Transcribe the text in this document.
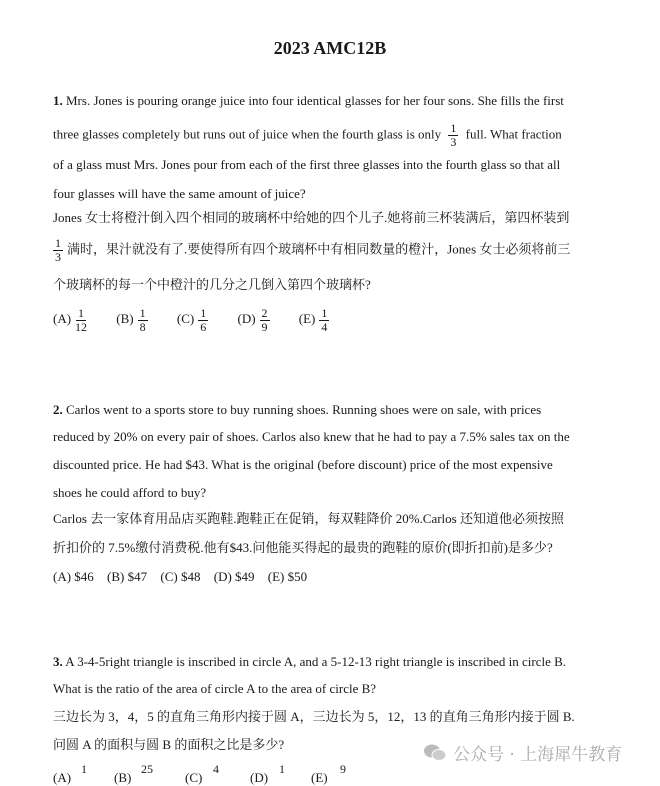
2023 AMC12B
1. Mrs. Jones is pouring orange juice into four identical glasses for her four sons. She fills the first
three glasses completely but runs out of juice when the fourth glass is only $\frac{1}{3}$ full. What fraction
of a glass must Mrs. Jones pour from each of the first three glasses into the fourth glass so that all
four glasses will have the same amount of juice?
Jones 女士将橙汁倒入四个相同的玻璃杯中给她的四个儿子.她将前三杯装满后，第四杯装到
$\frac{1}{3}$ 满时，果汁就没有了.要使得所有四个玻璃杯中有相同数量的橙汁，Jones 女士必须将前三
个玻璃杯的每一个中橙汁的几分之几倒入第四个玻璃杯?
$(A) \frac{1}{12} (B) \frac{1}{8} (C) \frac{1}{6} (D) \frac{2}{9} (E) \frac{1}{4}$
2. Carlos went to a sports store to buy running shoes. Running shoes were on sale, with prices
reduced by 20% on every pair of shoes. Carlos also knew that he had to pay a 7.5% sales tax on the
discounted price. He had $43. What is the original (before discount) price of the most expensive
shoes he could afford to buy?
Carlos 去一家体育用品店买跑鞋.跑鞋正在促销，每双鞋降价 20%.Carlos 还知道他必须按照
折扣价的 7.5%缴付消费税.他有$43.问他能买得起的最贵的跑鞋的原价(即折扣前)是多少?
(A) $46 (B) $47 (C) $48 (D) $49 (E) $50
3. A 3-4-5right triangle is inscribed in circle A, and a 5-12-13 right triangle is inscribed in circle B.
What is the ratio of the area of circle A to the area of circle B?
三边长为 3，4，5 的直角三角形内接于圆 A，三边长为 5，12，13 的直角三角形内接于圆 B.
问圆 A 的面积与圆 B 的面积之比是多少?
(A)
1
(B)
25
(C)
4
(D)
1
(E)
9
公众号 · 上海犀牛教育
